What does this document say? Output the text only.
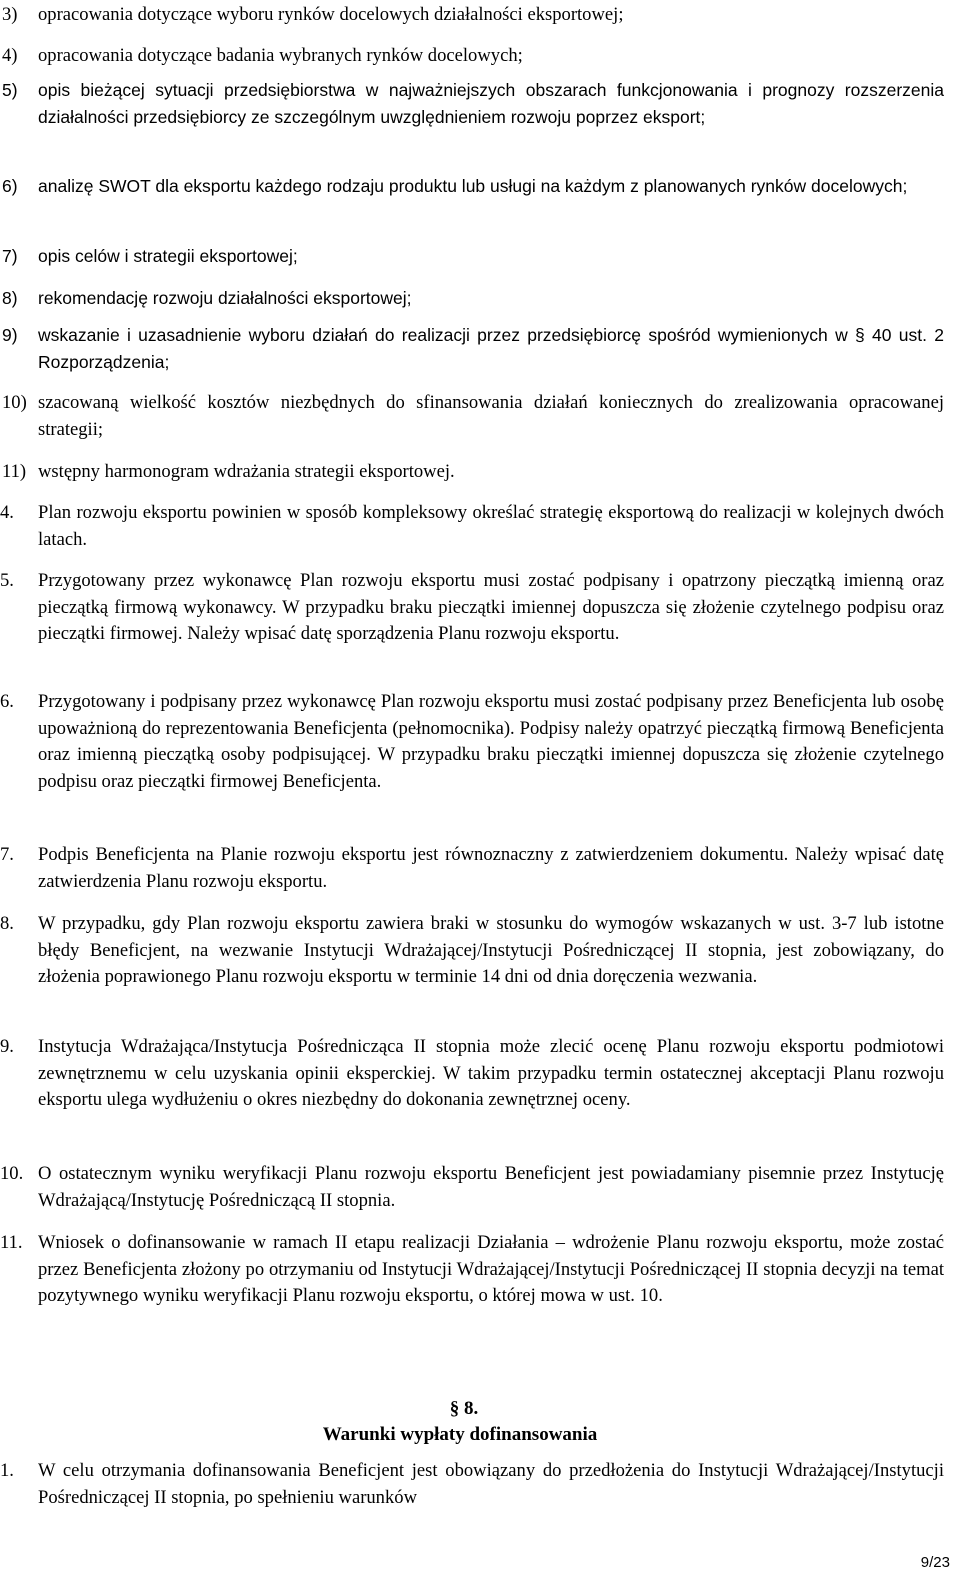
3) opracowania dotyczące wyboru rynków docelowych działalności eksportowej;
4) opracowania dotyczące badania wybranych rynków docelowych;
5) opis bieżącej sytuacji przedsiębiorstwa w najważniejszych obszarach funkcjonowania i prognozy rozszerzenia działalności przedsiębiorcy ze szczególnym uwzględnieniem rozwoju poprzez eksport;
6) analizę SWOT dla eksportu każdego rodzaju produktu lub usługi na każdym z planowanych rynków docelowych;
7) opis celów i strategii eksportowej;
8) rekomendację rozwoju działalności eksportowej;
9) wskazanie i uzasadnienie wyboru działań do realizacji przez przedsiębiorcę spośród wymienionych w § 40 ust. 2 Rozporządzenia;
10) szacowaną wielkość kosztów niezbędnych do sfinansowania działań koniecznych do zrealizowania opracowanej strategii;
11) wstępny harmonogram wdrażania strategii eksportowej.
4. Plan rozwoju eksportu powinien w sposób kompleksowy określać strategię eksportową do realizacji w kolejnych dwóch latach.
5. Przygotowany przez wykonawcę Plan rozwoju eksportu musi zostać podpisany i opatrzony pieczątką imienną oraz pieczątką firmową wykonawcy. W przypadku braku pieczątki imiennej dopuszcza się złożenie czytelnego podpisu oraz pieczątki firmowej. Należy wpisać datę sporządzenia Planu rozwoju eksportu.
6. Przygotowany i podpisany przez wykonawcę Plan rozwoju eksportu musi zostać podpisany przez Beneficjenta lub osobę upoważnioną do reprezentowania Beneficjenta (pełnomocnika). Podpisy należy opatrzyć pieczątką firmową Beneficjenta oraz imienną pieczątką osoby podpisującej. W przypadku braku pieczątki imiennej dopuszcza się złożenie czytelnego podpisu oraz pieczątki firmowej Beneficjenta.
7. Podpis Beneficjenta na Planie rozwoju eksportu jest równoznaczny z zatwierdzeniem dokumentu. Należy wpisać datę zatwierdzenia Planu rozwoju eksportu.
8. W przypadku, gdy Plan rozwoju eksportu zawiera braki w stosunku do wymogów wskazanych w ust. 3-7 lub istotne błędy Beneficjent, na wezwanie Instytucji Wdrażającej/Instytucji Pośredniczącej II stopnia, jest zobowiązany, do złożenia poprawionego Planu rozwoju eksportu w terminie 14 dni od dnia doręczenia wezwania.
9. Instytucja Wdrażająca/Instytucja Pośrednicząca II stopnia może zlecić ocenę Planu rozwoju eksportu podmiotowi zewnętrznemu w celu uzyskania opinii eksperckiej. W takim przypadku termin ostatecznej akceptacji Planu rozwoju eksportu ulega wydłużeniu o okres niezbędny do dokonania zewnętrznej oceny.
10. O ostatecznym wyniku weryfikacji Planu rozwoju eksportu Beneficjent jest powiadamiany pisemnie przez Instytucję Wdrażającą/Instytucję Pośredniczącą II stopnia.
11. Wniosek o dofinansowanie w ramach II etapu realizacji Działania – wdrożenie Planu rozwoju eksportu, może zostać przez Beneficjenta złożony po otrzymaniu od Instytucji Wdrażającej/Instytucji Pośredniczącej II stopnia decyzji na temat pozytywnego wyniku weryfikacji Planu rozwoju eksportu, o której mowa w ust. 10.
§ 8.
Warunki wypłaty dofinansowania
1. W celu otrzymania dofinansowania Beneficjent jest obowiązany do przedłożenia do Instytucji Wdrażającej/Instytucji Pośredniczącej II stopnia, po spełnieniu warunków
9/23
